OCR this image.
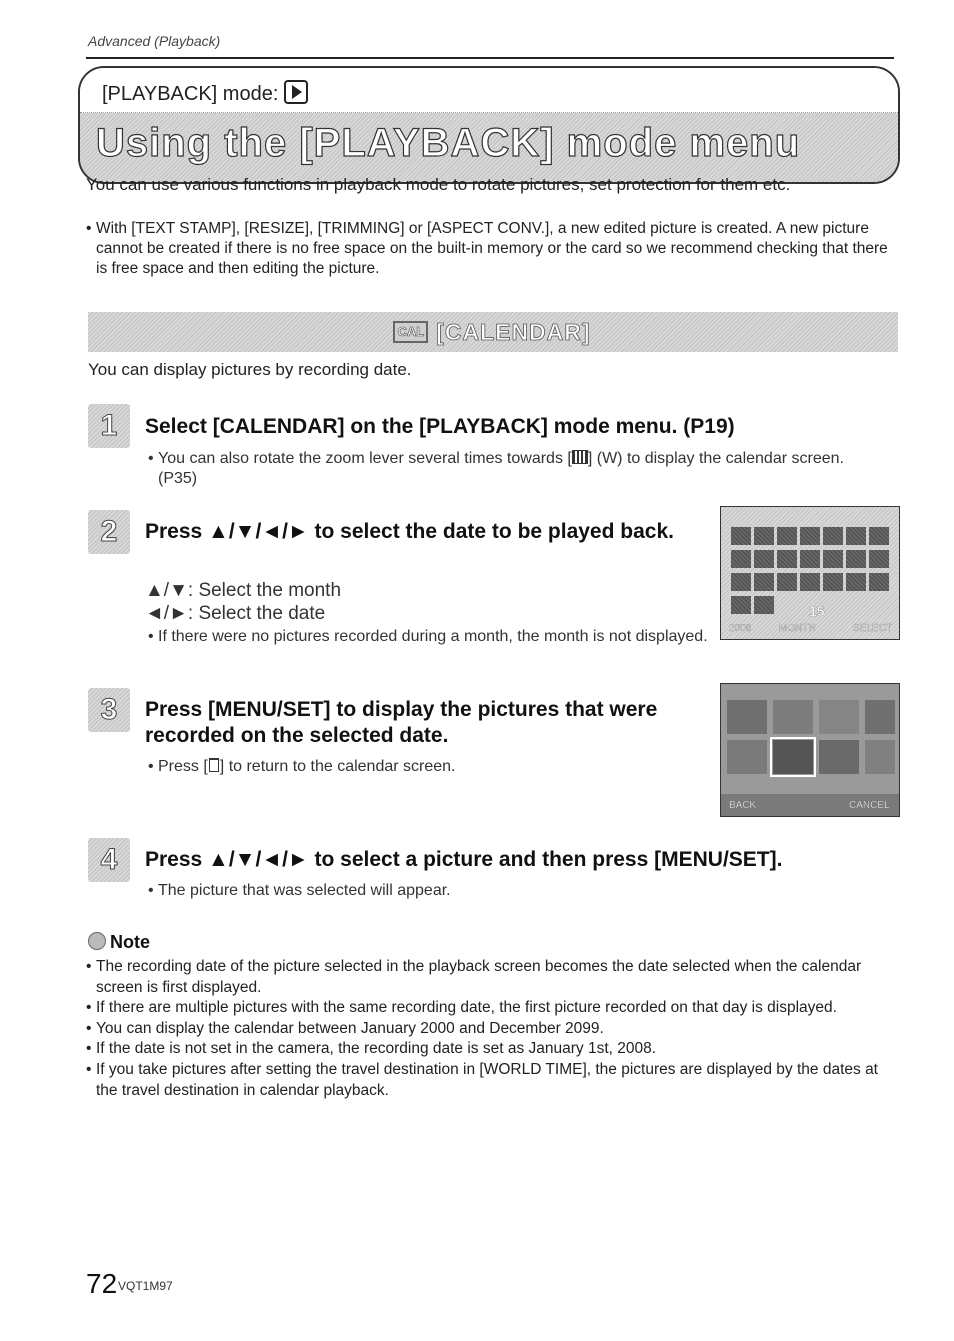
Advanced (Playback)
[PLAYBACK] mode:
Using the [PLAYBACK] mode menu
You can use various functions in playback mode to rotate pictures, set protection for them etc.
• With [TEXT STAMP], [RESIZE], [TRIMMING] or [ASPECT CONV.], a new edited picture is created. A new picture cannot be created if there is no free space on the built-in memory or the card so we recommend checking that there is free space and then editing the picture.
CAL [CALENDAR]
You can display pictures by recording date.
1 Select [CALENDAR] on the [PLAYBACK] mode menu. (P19)
• You can also rotate the zoom lever several times towards [ ] (W) to display the calendar screen. (P35)
2 Press ▲/▼/◄/► to select the date to be played back.
▲/▼: Select the month
◄/►: Select the date
• If there were no pictures recorded during a month, the month is not displayed.
15
2008	MONTH	SELECT
3 Press [MENU/SET] to display the pictures that were recorded on the selected date.
• Press [ ] to return to the calendar screen.
BACK	CANCEL
4 Press ▲/▼/◄/► to select a picture and then press [MENU/SET].
• The picture that was selected will appear.
Note
• The recording date of the picture selected in the playback screen becomes the date selected when the calendar screen is first displayed.
• If there are multiple pictures with the same recording date, the first picture recorded on that day is displayed.
• You can display the calendar between January 2000 and December 2099.
• If the date is not set in the camera, the recording date is set as January 1st, 2008.
• If you take pictures after setting the travel destination in [WORLD TIME], the pictures are displayed by the dates at the travel destination in calendar playback.
72 VQT1M97
